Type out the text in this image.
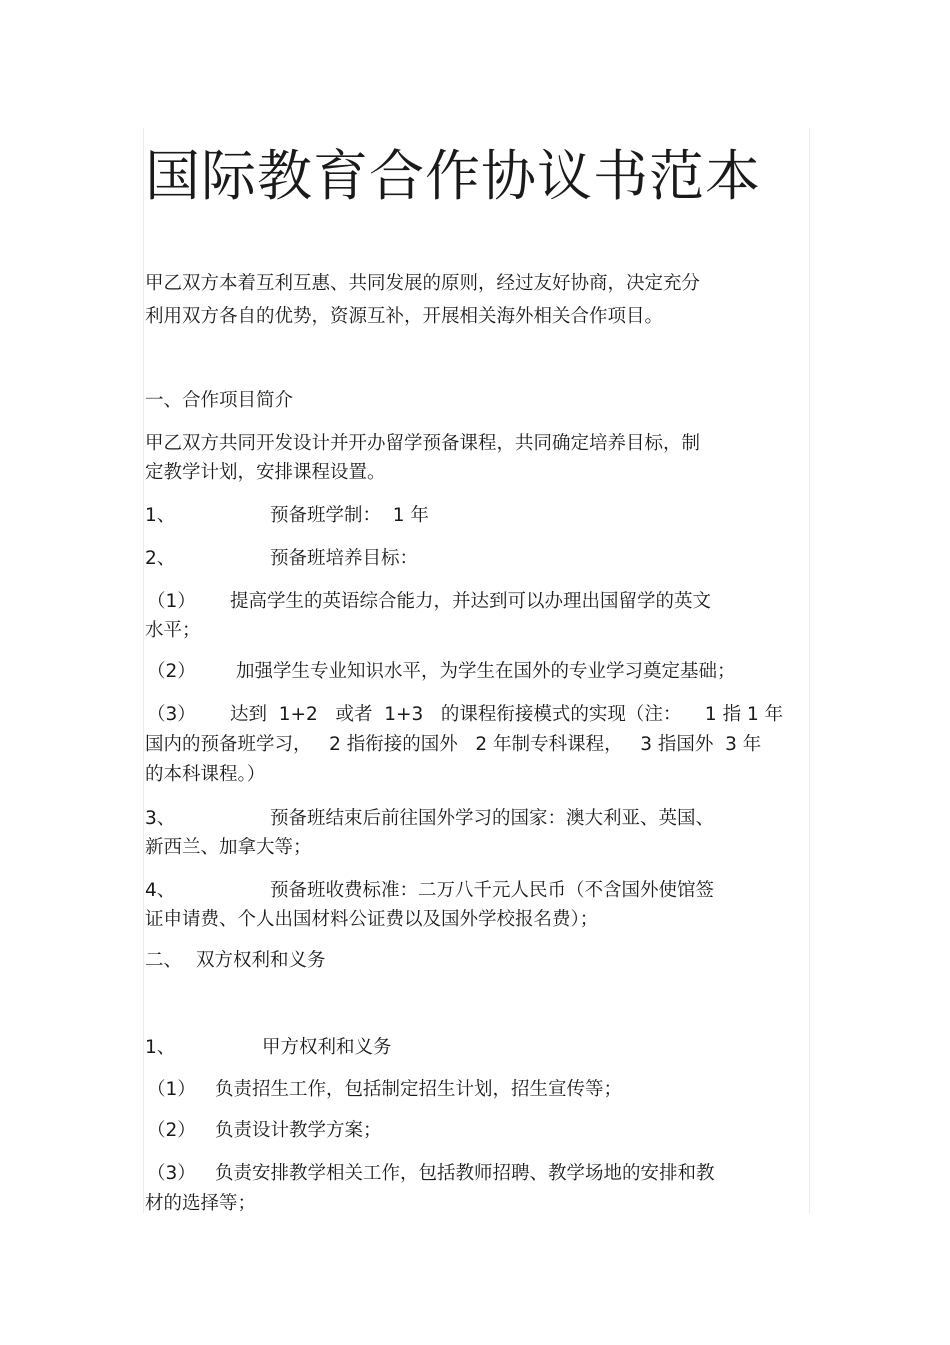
国际教育合作协议书范本
甲乙双方本着互利互惠、共同发展的原则，经过友好协商，决定充分
利用双方各自的优势，资源互补，开展相关海外相关合作项目。
一、合作项目简介
甲乙双方共同开发设计并开办留学预备课程，共同确定培养目标，制
定教学计划，安排课程设置。
1、	预备班学制：  1 年
2、	预备班培养目标：
（1） 提高学生的英语综合能力，并达到可以办理出国留学的英文
水平；
（2） 加强学生专业知识水平，为学生在国外的专业学习奠定基础；
（3） 达到  1+2   或者  1+3   的课程衔接模式的实现（注：    1 指 1 年
国内的预备班学习，   2 指衔接的国外   2 年制专科课程，   3 指国外  3 年
的本科课程。）
3、	预备班结束后前往国外学习的国家：澳大利亚、英国、
新西兰、加拿大等；
4、	预备班收费标准：二万八千元人民币（不含国外使馆签
证申请费、个人出国材料公证费以及国外学校报名费）；
二、 双方权利和义务
1、	甲方权利和义务
（1） 负责招生工作，包括制定招生计划，招生宣传等；
（2） 负责设计教学方案；
（3） 负责安排教学相关工作，包括教师招聘、教学场地的安排和教
材的选择等；
